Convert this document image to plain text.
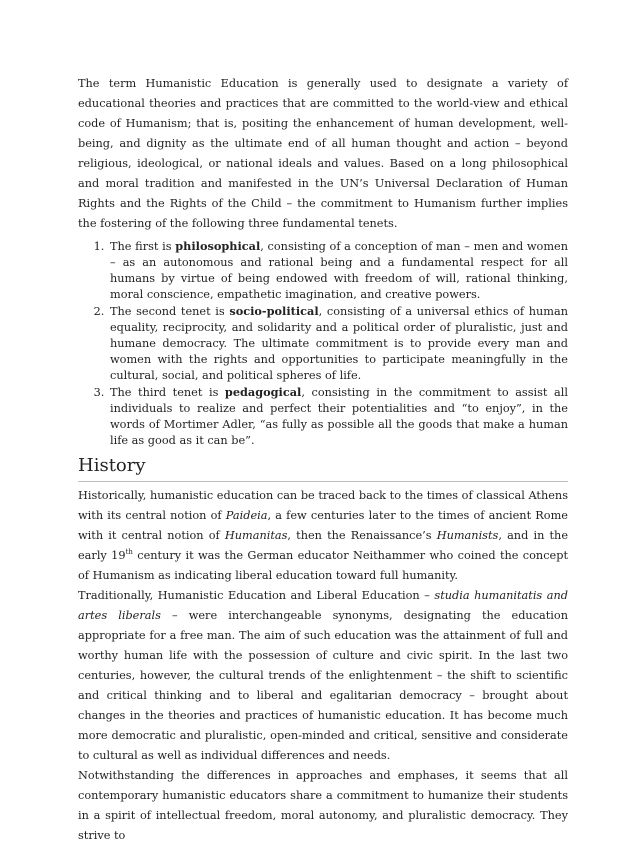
The term Humanistic Education is generally used to designate a variety of educational theories and practices that are committed to the world-view and ethical code of Humanism; that is, positing the enhancement of human development, well-being, and dignity as the ultimate end of all human thought and action – beyond religious, ideological, or national ideals and values. Based on a long philosophical and moral tradition and manifested in the UN’s Universal Declaration of Human Rights and the Rights of the Child – the commitment to Humanism further implies the fostering of the following three fundamental tenets.

1. The first is philosophical, consisting of a conception of man – men and women – as an autonomous and rational being and a fundamental respect for all humans by virtue of being endowed with freedom of will, rational thinking, moral conscience, empathetic imagination, and creative powers.
2. The second tenet is socio-political, consisting of a universal ethics of human equality, reciprocity, and solidarity and a political order of pluralistic, just and humane democracy. The ultimate commitment is to provide every man and women with the rights and opportunities to participate meaningfully in the cultural, social, and political spheres of life.
3. The third tenet is pedagogical, consisting in the commitment to assist all individuals to realize and perfect their potentialities and “to enjoy”, in the words of Mortimer Adler, “as fully as possible all the goods that make a human life as good as it can be”.
History

Historically, humanistic education can be traced back to the times of classical Athens with its central notion of Paideia, a few centuries later to the times of ancient Rome with it central notion of Humanitas, then the Renaissance’s Humanists, and in the early 19th century it was the German educator Neithammer who coined the concept of Humanism as indicating liberal education toward full humanity.

Traditionally, Humanistic Education and Liberal Education – studia humanitatis and artes liberals – were interchangeable synonyms, designating the education appropriate for a free man. The aim of such education was the attainment of full and worthy human life with the possession of culture and civic spirit. In the last two centuries, however, the cultural trends of the enlightenment – the shift to scientific and critical thinking and to liberal and egalitarian democracy – brought about changes in the theories and practices of humanistic education. It has become much more democratic and pluralistic, open-minded and critical, sensitive and considerate to cultural as well as individual differences and needs.

Notwithstanding the differences in approaches and emphases, it seems that all contemporary humanistic educators share a commitment to humanize their students in a spirit of intellectual freedom, moral autonomy, and pluralistic democracy. They strive to
